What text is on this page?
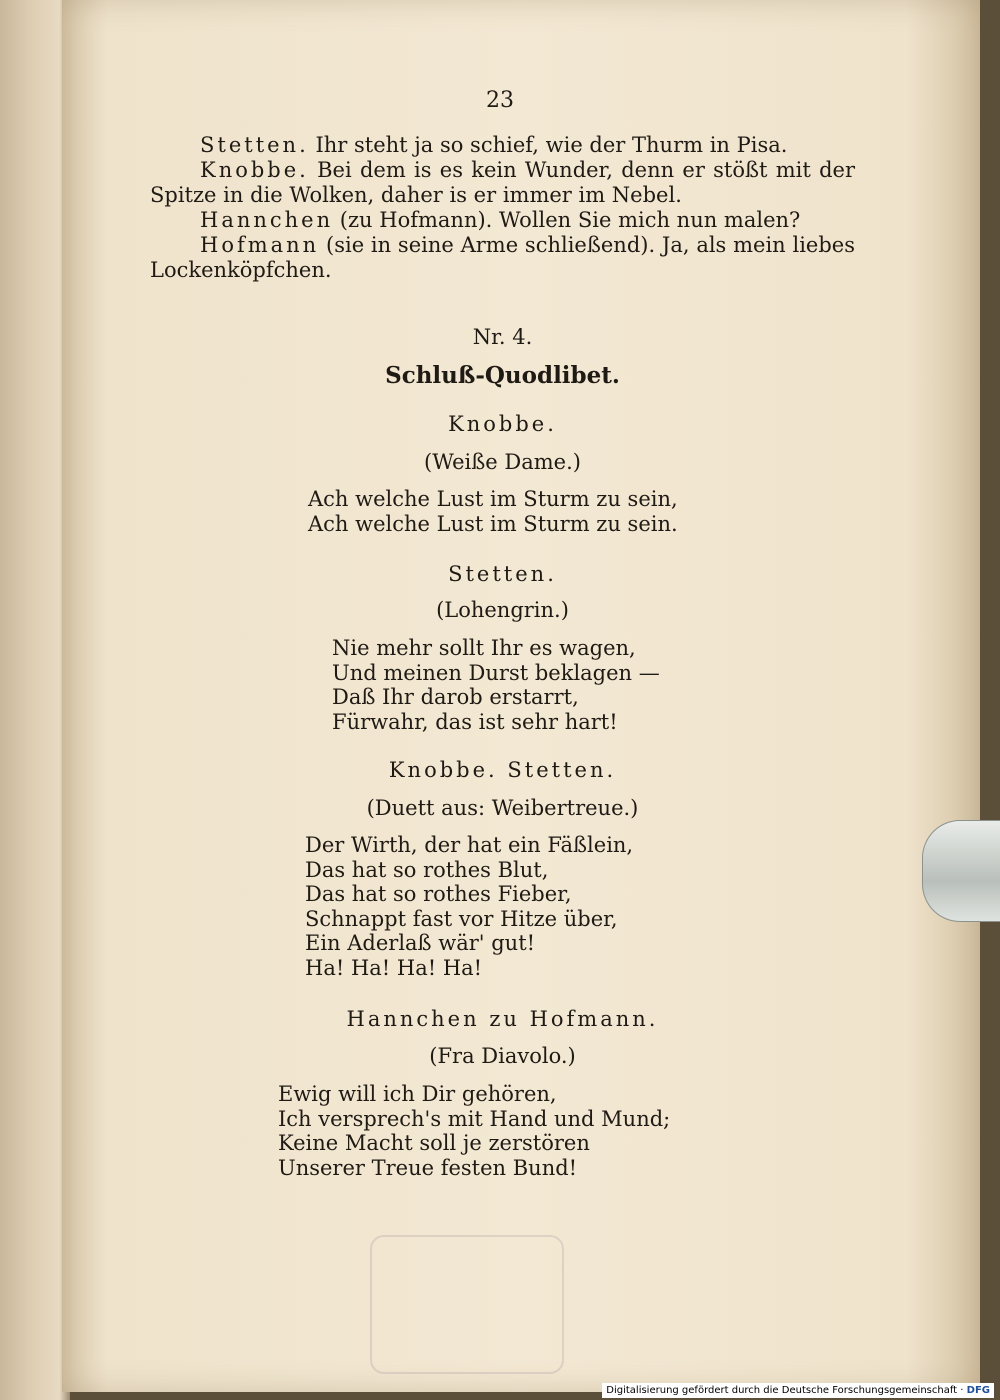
23

Stetten. Ihr steht ja so schief, wie der Thurm in Pisa.

Knobbe. Bei dem is es kein Wunder, denn er stößt mit der Spitze in die Wolken, daher is er immer im Nebel.

Hannchen (zu Hofmann). Wollen Sie mich nun malen?

Hofmann (sie in seine Arme schließend). Ja, als mein liebes Lockenköpfchen.

Nr. 4.
Schluß-Quodlibet.
Knobbe.
(Weiße Dame.)
Ach welche Lust im Sturm zu sein,
Ach welche Lust im Sturm zu sein.
Stetten.
(Lohengrin.)
Nie mehr sollt Ihr es wagen,
Und meinen Durst beklagen —
Daß Ihr darob erstarrt,
Fürwahr, das ist sehr hart!
Knobbe. Stetten.
(Duett aus: Weibertreue.)
Der Wirth, der hat ein Fäßlein,
Das hat so rothes Blut,
Das hat so rothes Fieber,
Schnappt fast vor Hitze über,
Ein Aderlaß wär' gut!
Ha! Ha! Ha! Ha!
Hannchen zu Hofmann.
(Fra Diavolo.)
Ewig will ich Dir gehören,
Ich versprech's mit Hand und Mund;
Keine Macht soll je zerstören
Unserer Treue festen Bund!
Digitalisierung gefördert durch die Deutsche Forschungsgemeinschaft · DFG
